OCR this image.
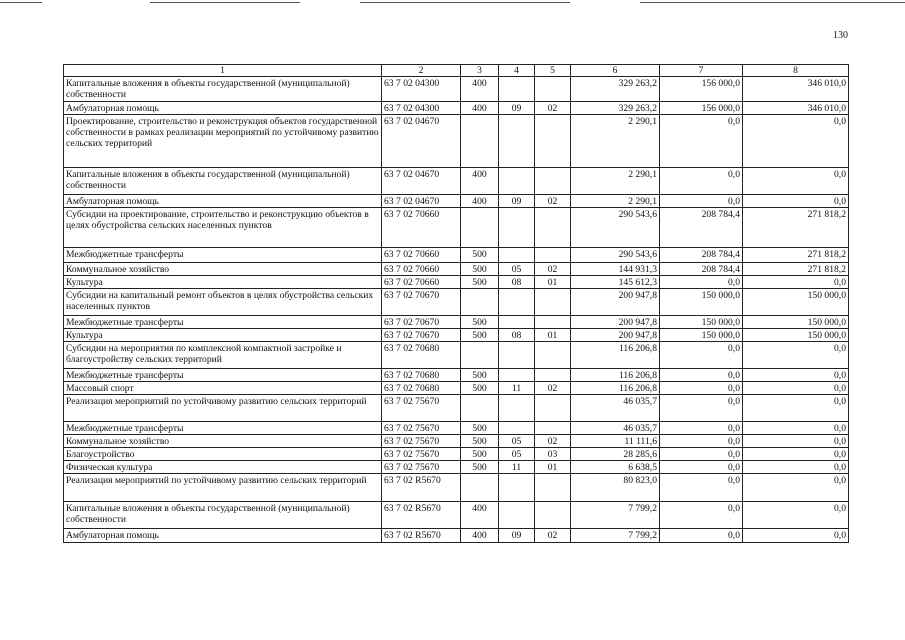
130
1	2	3	4	5	6	7	8
Капитальные вложения в объекты государственной (муниципальной) собственности	63 7 02 04300	400			329 263,2	156 000,0	346 010,0
Амбулаторная помощь	63 7 02 04300	400	09	02	329 263,2	156 000,0	346 010,0
Проектирование, строительство и реконструкция объектов государственной собственности в рамках реализации мероприятий по устойчивому развитию сельских территорий	63 7 02 04670				2 290,1	0,0	0,0
Капитальные вложения в объекты государственной (муниципальной) собственности	63 7 02 04670	400			2 290,1	0,0	0,0
Амбулаторная помощь	63 7 02 04670	400	09	02	2 290,1	0,0	0,0
Субсидии на проектирование, строительство и реконструкцию объектов в целях обустройства сельских населенных пунктов	63 7 02 70660				290 543,6	208 784,4	271 818,2
Межбюджетные трансферты	63 7 02 70660	500			290 543,6	208 784,4	271 818,2
Коммунальное хозяйство	63 7 02 70660	500	05	02	144 931,3	208 784,4	271 818,2
Культура	63 7 02 70660	500	08	01	145 612,3	0,0	0,0
Субсидии на капитальный ремонт объектов в целях обустройства сельских населенных пунктов	63 7 02 70670				200 947,8	150 000,0	150 000,0
Межбюджетные трансферты	63 7 02 70670	500			200 947,8	150 000,0	150 000,0
Культура	63 7 02 70670	500	08	01	200 947,8	150 000,0	150 000,0
Субсидии на мероприятия по комплексной компактной застройке и благоустройству сельских территорий	63 7 02 70680				116 206,8	0,0	0,0
Межбюджетные трансферты	63 7 02 70680	500			116 206,8	0,0	0,0
Массовый спорт	63 7 02 70680	500	11	02	116 206,8	0,0	0,0
Реализация мероприятий по устойчивому развитию сельских территорий	63 7 02 75670				46 035,7	0,0	0,0
Межбюджетные трансферты	63 7 02 75670	500			46 035,7	0,0	0,0
Коммунальное хозяйство	63 7 02 75670	500	05	02	11 111,6	0,0	0,0
Благоустройство	63 7 02 75670	500	05	03	28 285,6	0,0	0,0
Физическая культура	63 7 02 75670	500	11	01	6 638,5	0,0	0,0
Реализация мероприятий по устойчивому развитию сельских территорий	63 7 02 R5670				80 823,0	0,0	0,0
Капитальные вложения в объекты государственной (муниципальной) собственности	63 7 02 R5670	400			7 799,2	0,0	0,0
Амбулаторная помощь	63 7 02 R5670	400	09	02	7 799,2	0,0	0,0
